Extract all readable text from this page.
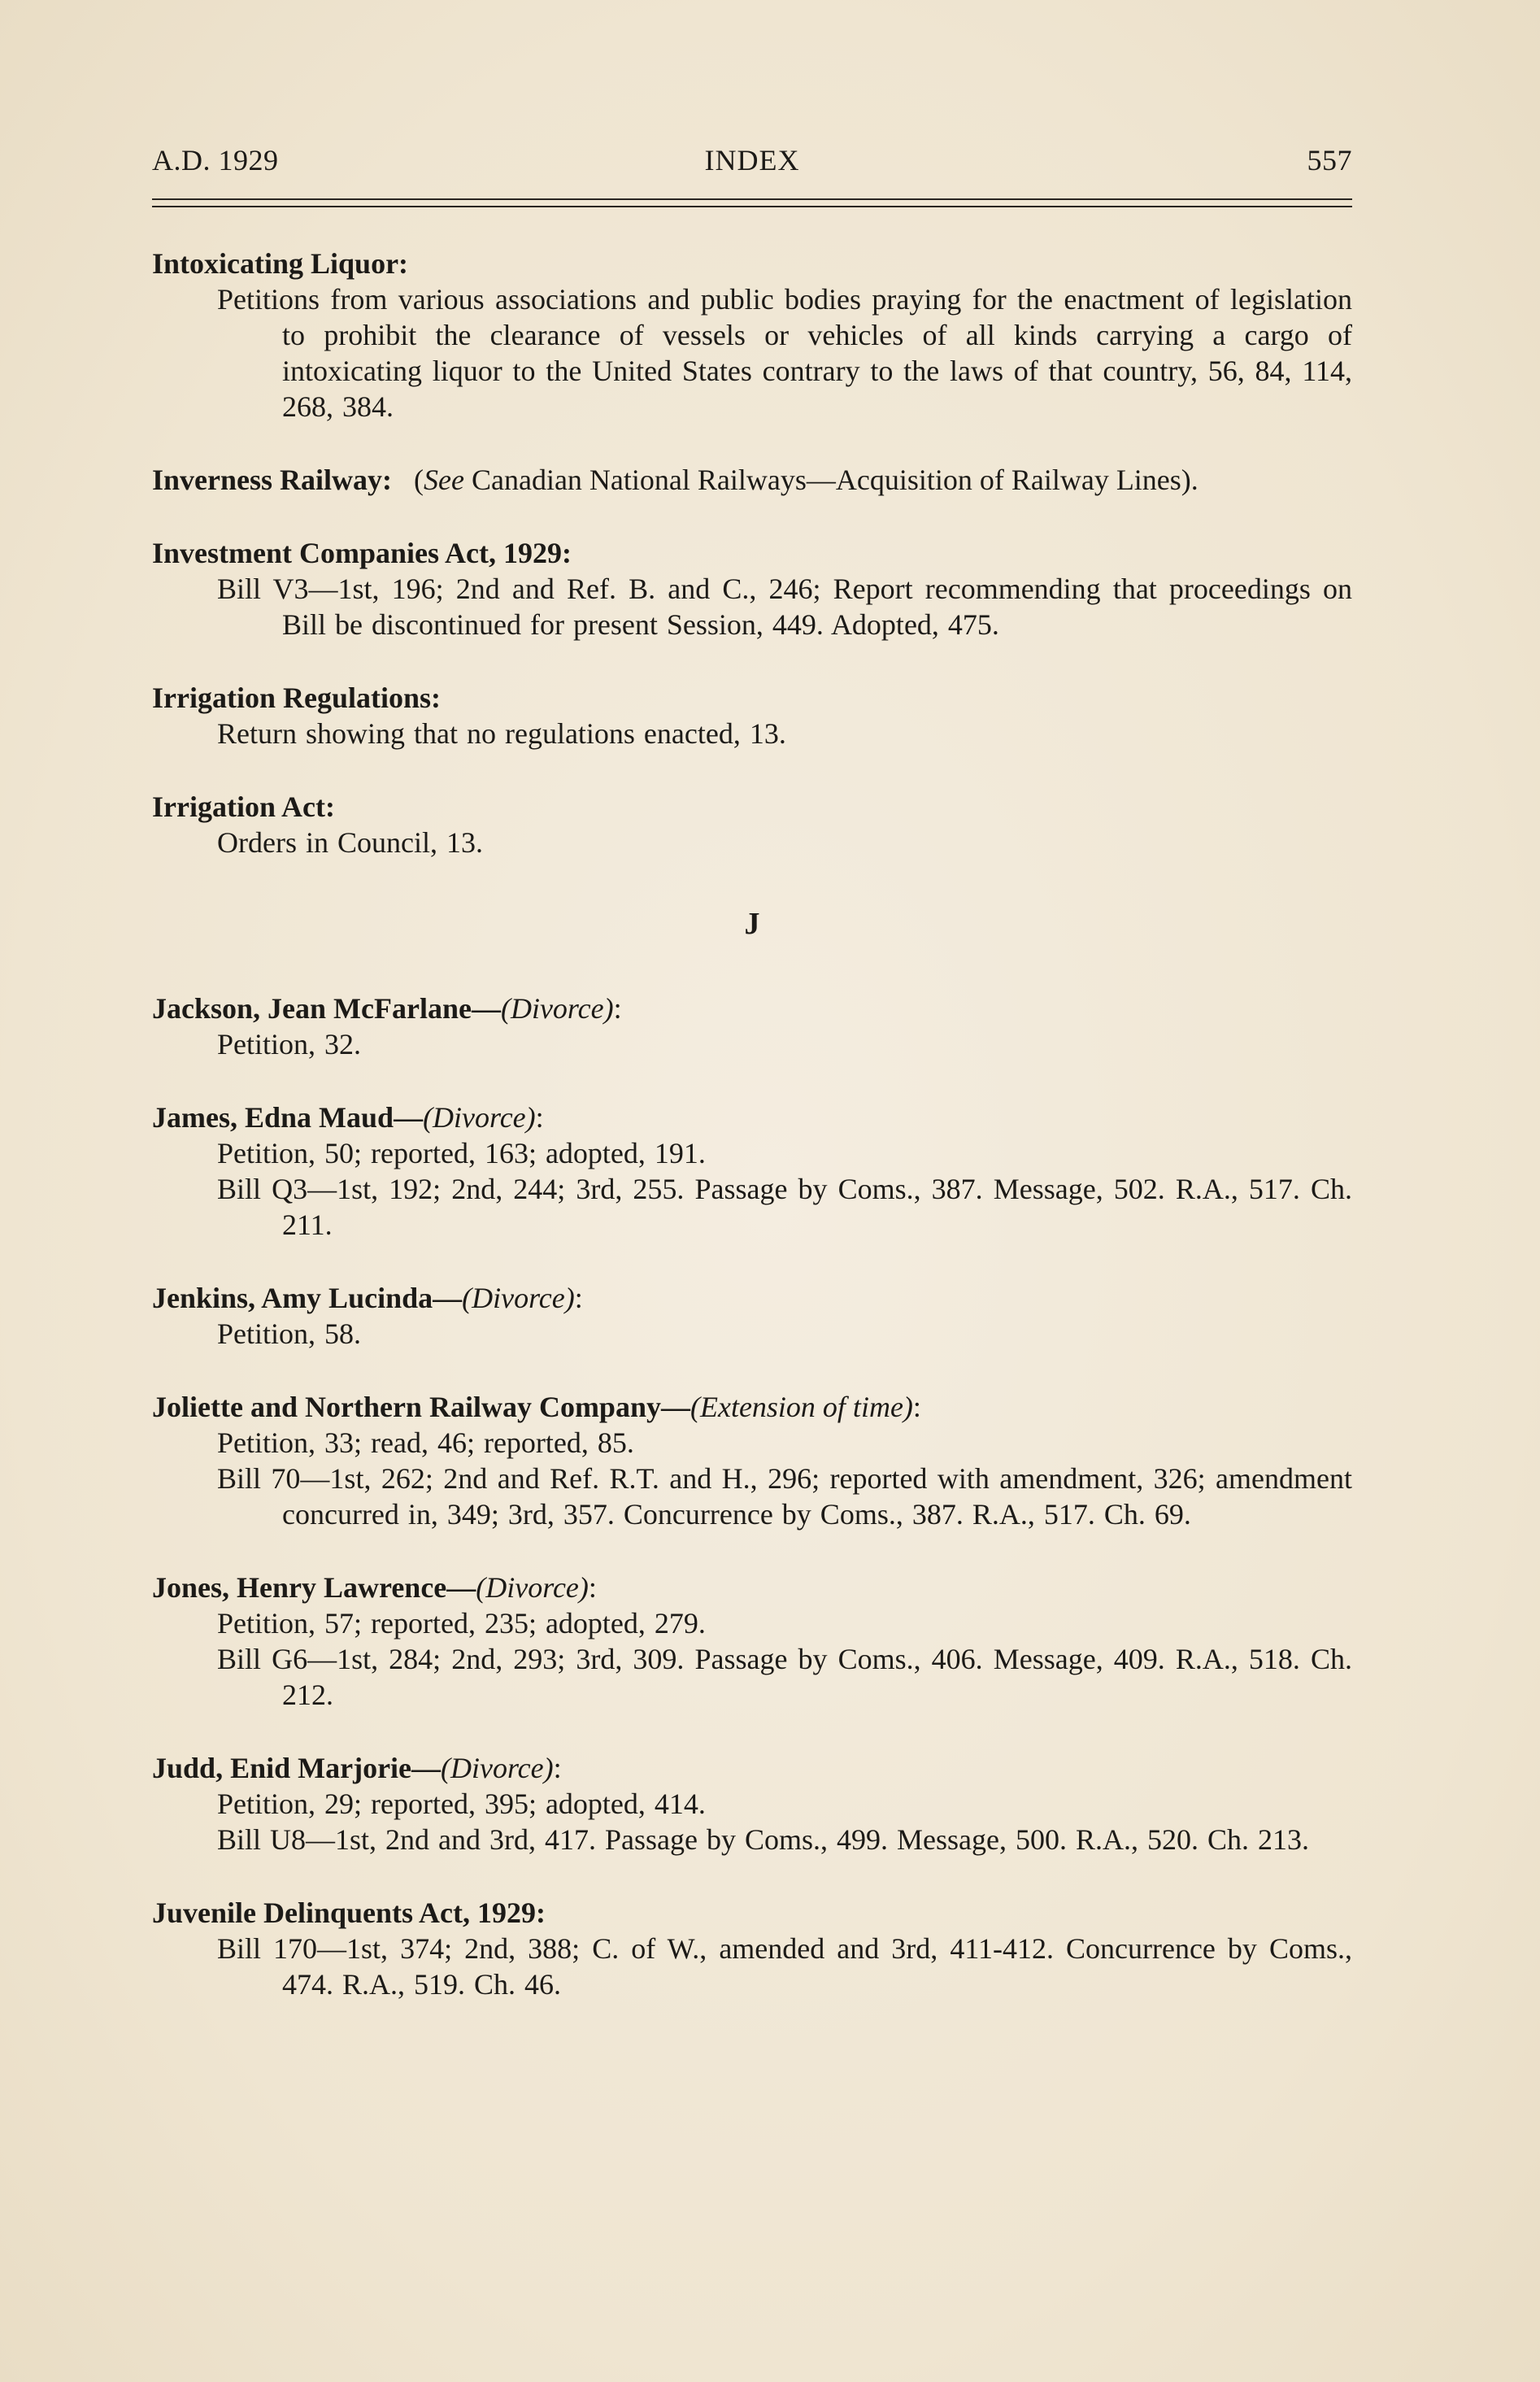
A.D. 1929	INDEX	557
Intoxicating Liquor:
Petitions from various associations and public bodies praying for the enactment of legislation to prohibit the clearance of vessels or vehicles of all kinds carrying a cargo of intoxicating liquor to the United States contrary to the laws of that country, 56, 84, 114, 268, 384.
Inverness Railway: (See Canadian National Railways—Acquisition of Railway Lines).
Investment Companies Act, 1929:
Bill V3—1st, 196; 2nd and Ref. B. and C., 246; Report recommending that proceedings on Bill be discontinued for present Session, 449. Adopted, 475.
Irrigation Regulations:
Return showing that no regulations enacted, 13.
Irrigation Act:
Orders in Council, 13.
J
Jackson, Jean McFarlane—(Divorce):
Petition, 32.
James, Edna Maud—(Divorce):
Petition, 50; reported, 163; adopted, 191.
Bill Q3—1st, 192; 2nd, 244; 3rd, 255. Passage by Coms., 387. Message, 502. R.A., 517. Ch. 211.
Jenkins, Amy Lucinda—(Divorce):
Petition, 58.
Joliette and Northern Railway Company—(Extension of time):
Petition, 33; read, 46; reported, 85.
Bill 70—1st, 262; 2nd and Ref. R.T. and H., 296; reported with amendment, 326; amendment concurred in, 349; 3rd, 357. Concurrence by Coms., 387. R.A., 517. Ch. 69.
Jones, Henry Lawrence—(Divorce):
Petition, 57; reported, 235; adopted, 279.
Bill G6—1st, 284; 2nd, 293; 3rd, 309. Passage by Coms., 406. Message, 409. R.A., 518. Ch. 212.
Judd, Enid Marjorie—(Divorce):
Petition, 29; reported, 395; adopted, 414.
Bill U8—1st, 2nd and 3rd, 417. Passage by Coms., 499. Message, 500. R.A., 520. Ch. 213.
Juvenile Delinquents Act, 1929:
Bill 170—1st, 374; 2nd, 388; C. of W., amended and 3rd, 411-412. Concurrence by Coms., 474. R.A., 519. Ch. 46.
